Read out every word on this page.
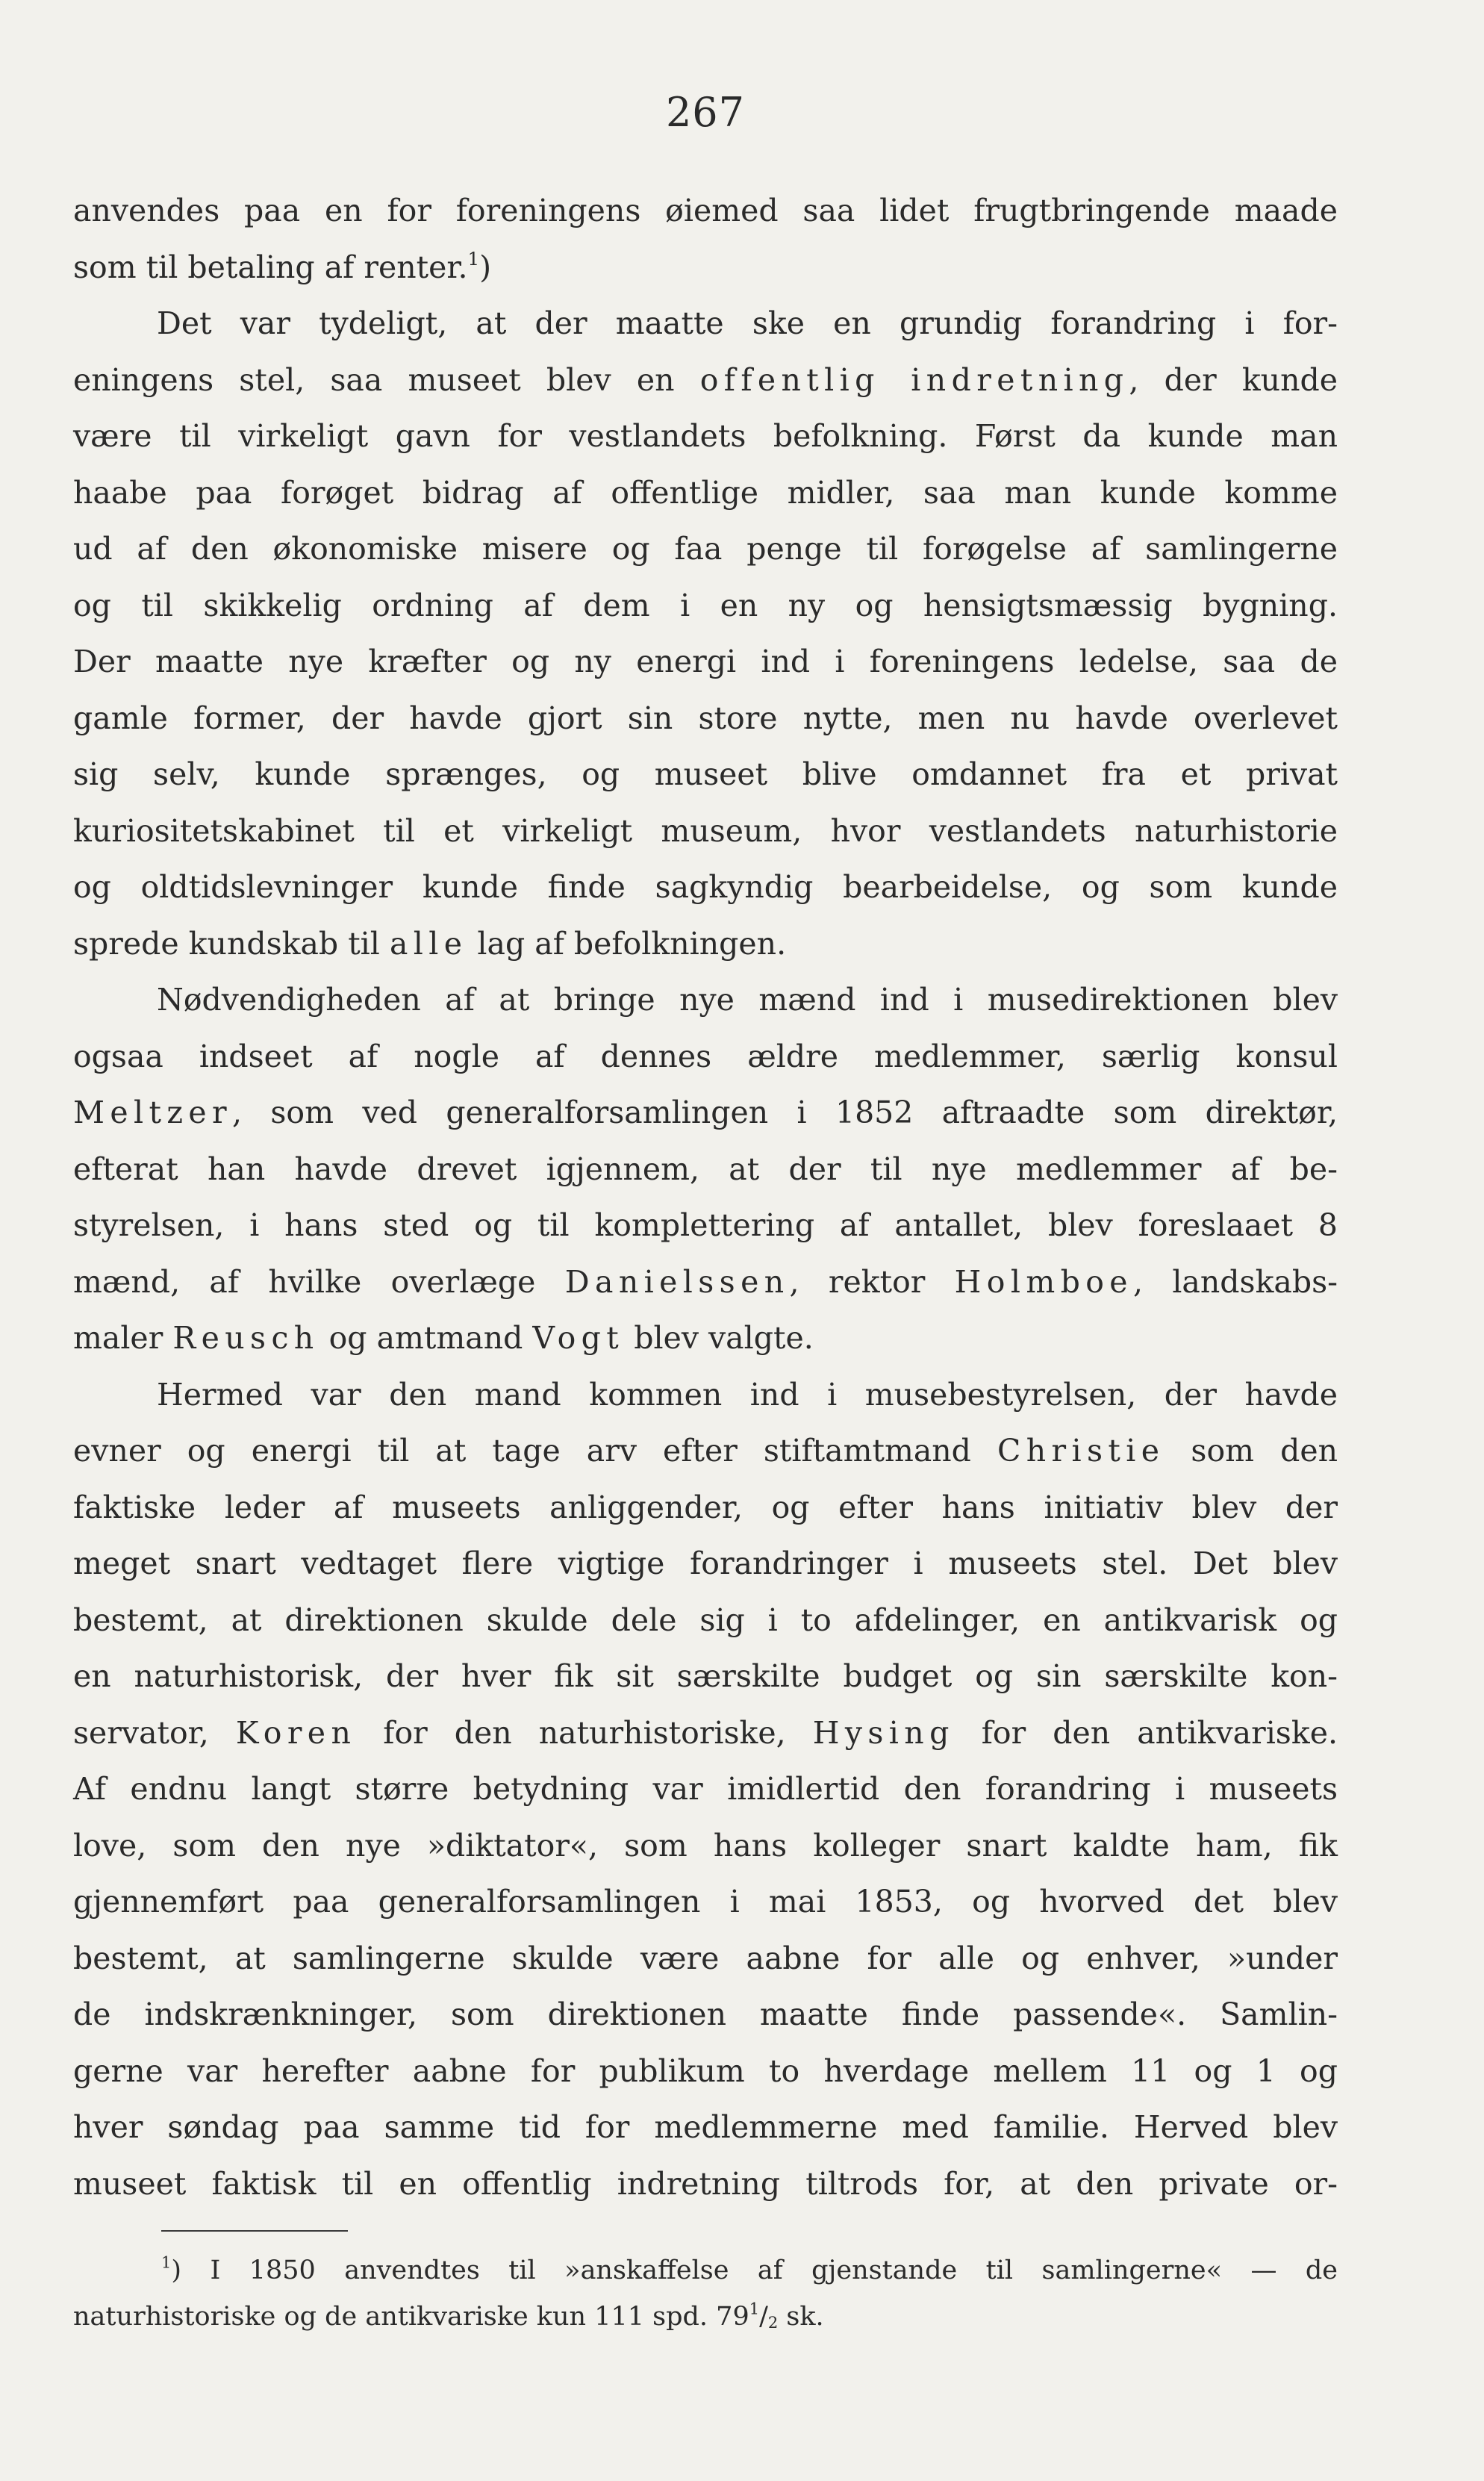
267
anvendes paa en for foreningens øiemed saa lidet frugtbringende maade
som til betaling af renter.$^1$)
Det var tydeligt, at der maatte ske en grundig forandring i for-
eningens stel, saa museet blev en offentlig indretning, der kunde
være til virkeligt gavn for vestlandets befolkning. Først da kunde man
haabe paa forøget bidrag af offentlige midler, saa man kunde komme
ud af den økonomiske misere og faa penge til forøgelse af samlingerne
og til skikkelig ordning af dem i en ny og hensigtsmæssig bygning.
Der maatte nye kræfter og ny energi ind i foreningens ledelse, saa de
gamle former, der havde gjort sin store nytte, men nu havde overlevet
sig selv, kunde sprænges, og museet blive omdannet fra et privat
kuriositetskabinet til et virkeligt museum, hvor vestlandets naturhistorie
og oldtidslevninger kunde finde sagkyndig bearbeidelse, og som kunde
sprede kundskab til alle lag af befolkningen.
Nødvendigheden af at bringe nye mænd ind i musedirektionen blev
ogsaa indseet af nogle af dennes ældre medlemmer, særlig konsul
Meltzer, som ved generalforsamlingen i 1852 aftraadte som direktør,
efterat han havde drevet igjennem, at der til nye medlemmer af be-
styrelsen, i hans sted og til komplettering af antallet, blev foreslaaet 8
mænd, af hvilke overlæge Danielssen, rektor Holmboe, landskabs-
maler Reusch og amtmand Vogt blev valgte.
Hermed var den mand kommen ind i musebestyrelsen, der havde
evner og energi til at tage arv efter stiftamtmand Christie som den
faktiske leder af museets anliggender, og efter hans initiativ blev der
meget snart vedtaget flere vigtige forandringer i museets stel. Det blev
bestemt, at direktionen skulde dele sig i to afdelinger, en antikvarisk og
en naturhistorisk, der hver fik sit særskilte budget og sin særskilte kon-
servator, Koren for den naturhistoriske, Hysing for den antikvariske.
Af endnu langt større betydning var imidlertid den forandring i museets
love, som den nye »diktator«, som hans kolleger snart kaldte ham, fik
gjennemført paa generalforsamlingen i mai 1853, og hvorved det blev
bestemt, at samlingerne skulde være aabne for alle og enhver, »under
de indskrænkninger, som direktionen maatte finde passende«. Samlin-
gerne var herefter aabne for publikum to hverdage mellem 11 og 1 og
hver søndag paa samme tid for medlemmerne med familie. Herved blev
museet faktisk til en offentlig indretning tiltrods for, at den private or-
$^1$) I 1850 anvendtes til »anskaffelse af gjenstande til samlingerne« — de
naturhistoriske og de antikvariske kun 111 spd. $79^1/_2$ sk.
